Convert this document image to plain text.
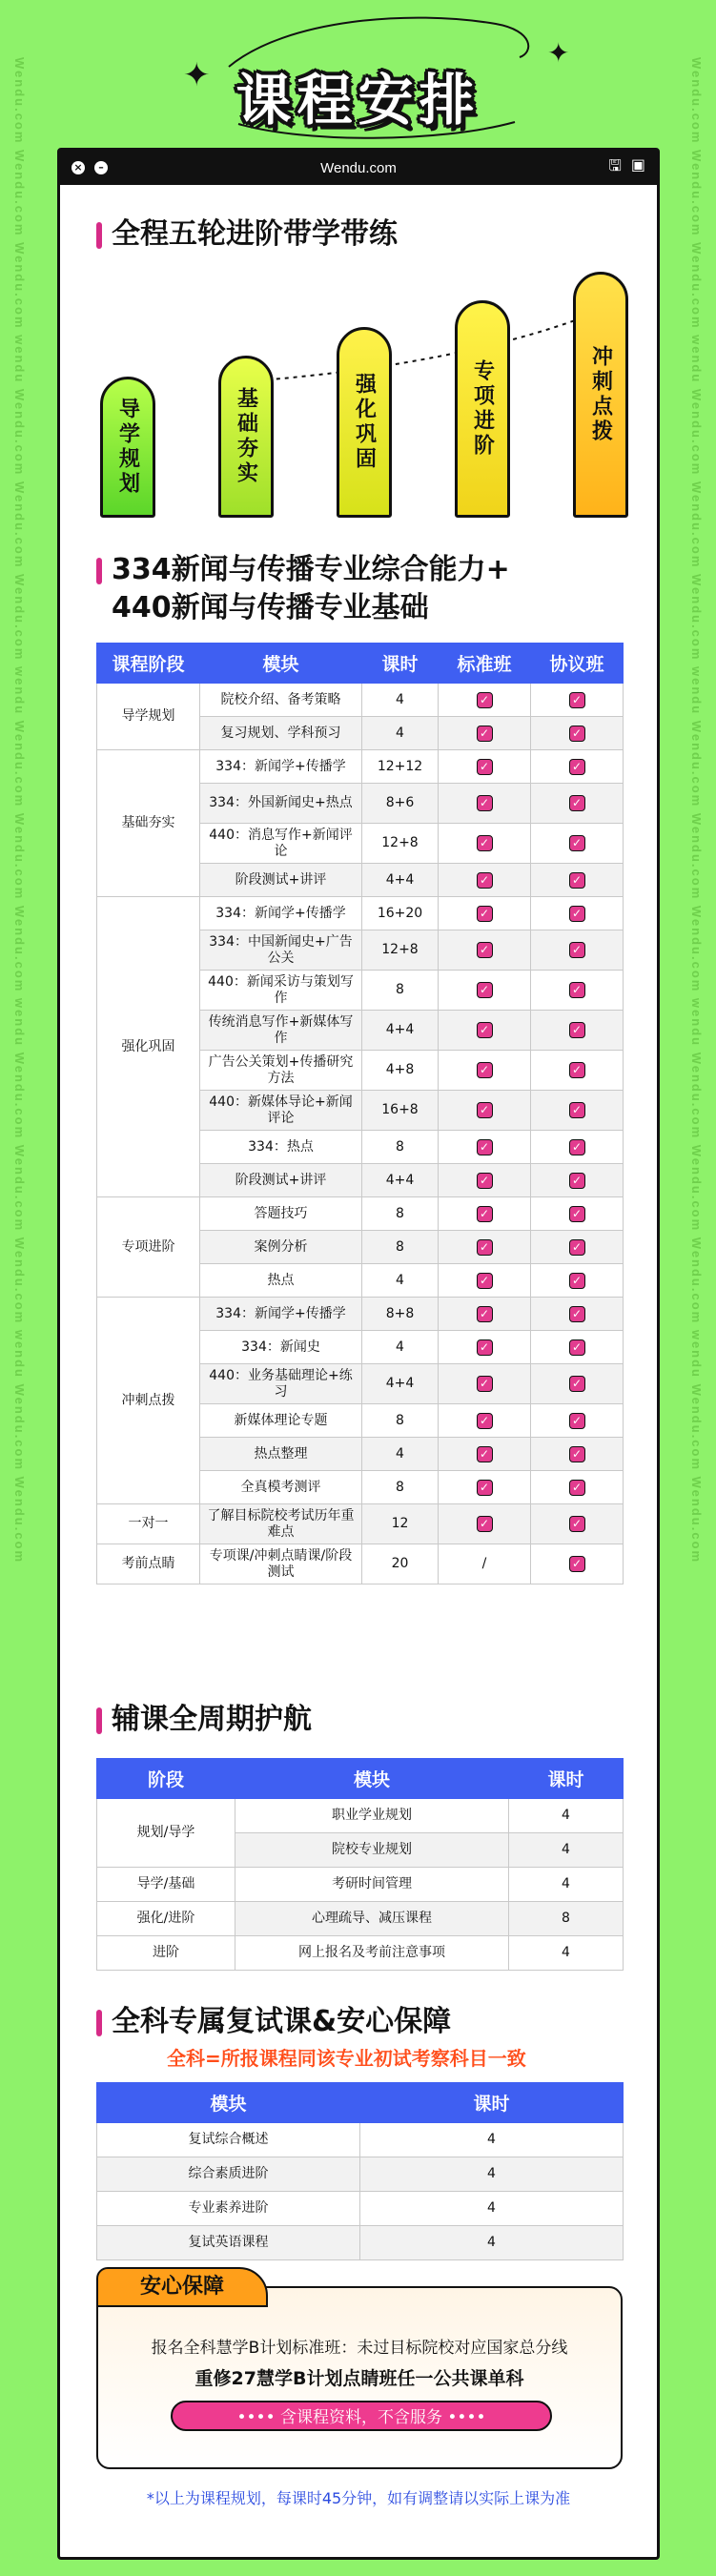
Wendu.com Wendu.com Wendu.com wendu Wendu.com Wendu.com Wendu.com wendu Wendu.com Wendu.com Wendu.com wendu Wendu.com Wendu.com Wendu.com wendu Wendu.com Wendu.com	Wendu.com Wendu.com Wendu.com wendu Wendu.com Wendu.com Wendu.com wendu Wendu.com Wendu.com Wendu.com wendu Wendu.com Wendu.com Wendu.com wendu Wendu.com Wendu.com
✦
✦
课程安排
×	–	Wendu.com	🖫 ▣
全程五轮进阶带学带练
导学规划	基础夯实	强化巩固	专项进阶	冲刺点拨
334新闻与传播专业综合能力+
440新闻与传播专业基础
课程阶段	模块	课时	标准班	协议班
导学规划	院校介绍、备考策略	4	✓	✓
	复习规划、学科预习	4	✓	✓
基础夯实	334：新闻学+传播学	12+12	✓	✓
	334：外国新闻史+热点	8+6	✓	✓
	440：消息写作+新闻评论	12+8	✓	✓
	阶段测试+讲评	4+4	✓	✓
强化巩固	334：新闻学+传播学	16+20	✓	✓
	334：中国新闻史+广告公关	12+8	✓	✓
	440：新闻采访与策划写作	8	✓	✓
	传统消息写作+新媒体写作	4+4	✓	✓
	广告公关策划+传播研究方法	4+8	✓	✓
	440：新媒体导论+新闻评论	16+8	✓	✓
	334：热点	8	✓	✓
	阶段测试+讲评	4+4	✓	✓
专项进阶	答题技巧	8	✓	✓
	案例分析	8	✓	✓
	热点	4	✓	✓
冲刺点拨	334：新闻学+传播学	8+8	✓	✓
	334：新闻史	4	✓	✓
	440：业务基础理论+练习	4+4	✓	✓
	新媒体理论专题	8	✓	✓
	热点整理	4	✓	✓
	全真模考测评	8	✓	✓
一对一	了解目标院校考试历年重难点	12	✓	✓
考前点睛	专项课/冲刺点睛课/阶段测试	20	/	✓
辅课全周期护航
阶段	模块	课时
规划/导学	职业学业规划	4
	院校专业规划	4
导学/基础	考研时间管理	4
强化/进阶	心理疏导、减压课程	8
进阶	网上报名及考前注意事项	4
全科专属复试课&安心保障
全科=所报课程同该专业初试考察科目一致
模块	课时
复试综合概述	4
综合素质进阶	4
专业素养进阶	4
复试英语课程	4
安心保障
报名全科慧学B计划标准班：未过目标院校对应国家总分线
重修27慧学B计划点睛班任一公共课单科
•••• 含课程资料，不含服务 ••••
*以上为课程规划，每课时45分钟，如有调整请以实际上课为准
